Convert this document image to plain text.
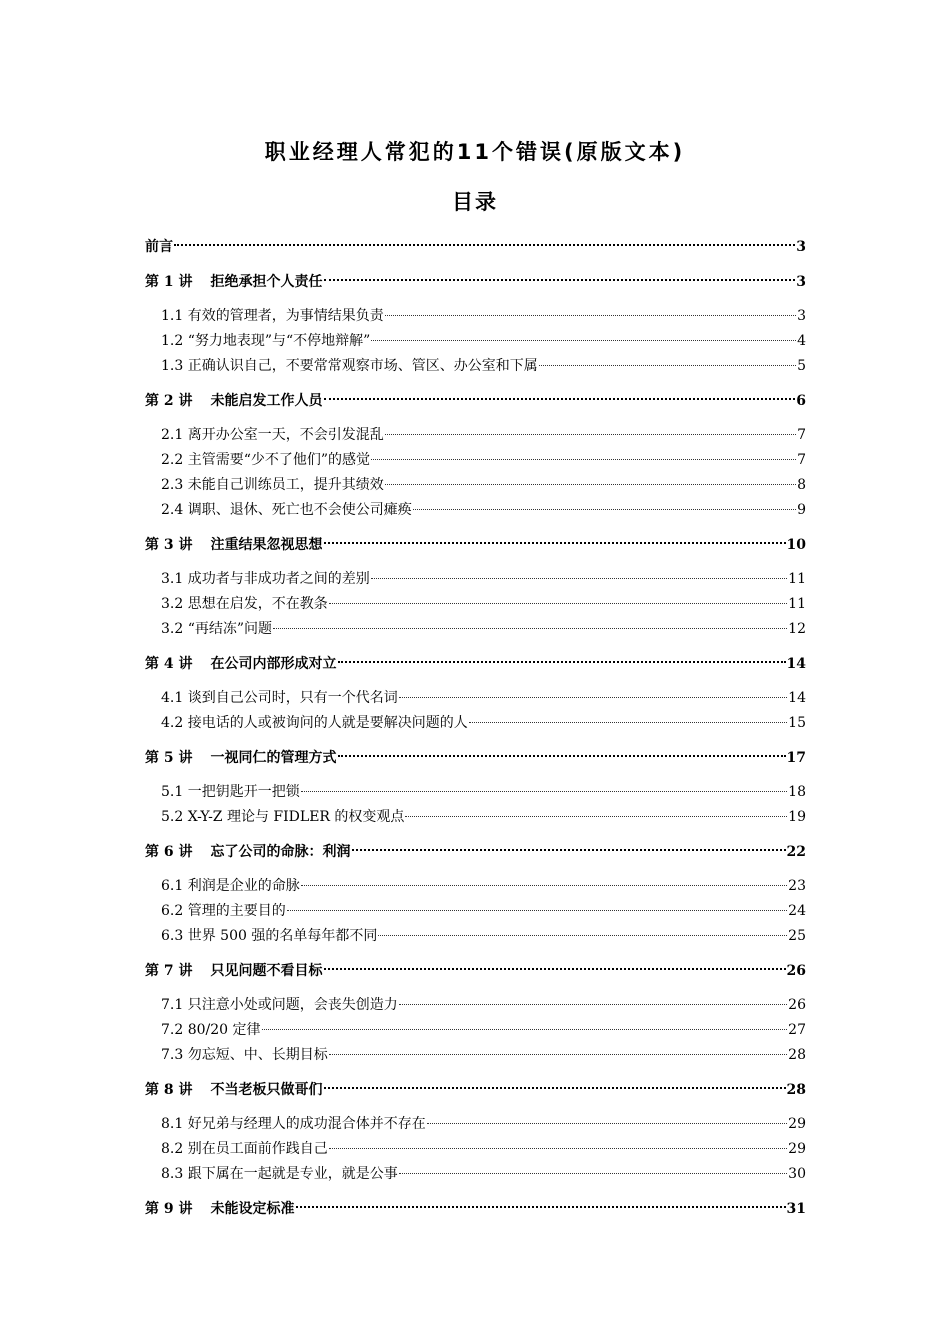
职业经理人常犯的11个错误(原版文本)
目录
前言	3
第 1 讲 拒绝承担个人责任	3
1.1 有效的管理者，为事情结果负责	3
1.2 “努力地表现”与“不停地辩解”	4
1.3 正确认识自己，不要常常观察市场、管区、办公室和下属	5
第 2 讲 未能启发工作人员	6
2.1 离开办公室一天，不会引发混乱	7
2.2 主管需要“少不了他们”的感觉	7
2.3 未能自己训练员工，提升其绩效	8
2.4 调职、退休、死亡也不会使公司瘫痪	9
第 3 讲 注重结果忽视思想	10
3.1 成功者与非成功者之间的差别	11
3.2 思想在启发，不在教条	11
3.2 “再结冻”问题	12
第 4 讲 在公司内部形成对立	14
4.1 谈到自己公司时，只有一个代名词	14
4.2 接电话的人或被询问的人就是要解决问题的人	15
第 5 讲 一视同仁的管理方式	17
5.1 一把钥匙开一把锁	18
5.2 X-Y-Z 理论与 FIDLER 的权变观点	19
第 6 讲 忘了公司的命脉：利润	22
6.1 利润是企业的命脉	23
6.2 管理的主要目的	24
6.3 世界 500 强的名单每年都不同	25
第 7 讲 只见问题不看目标	26
7.1 只注意小处或问题，会丧失创造力	26
7.2 80/20 定律	27
7.3 勿忘短、中、长期目标	28
第 8 讲 不当老板只做哥们	28
8.1 好兄弟与经理人的成功混合体并不存在	29
8.2 别在员工面前作践自己	29
8.3 跟下属在一起就是专业，就是公事	30
第 9 讲 未能设定标准	31
